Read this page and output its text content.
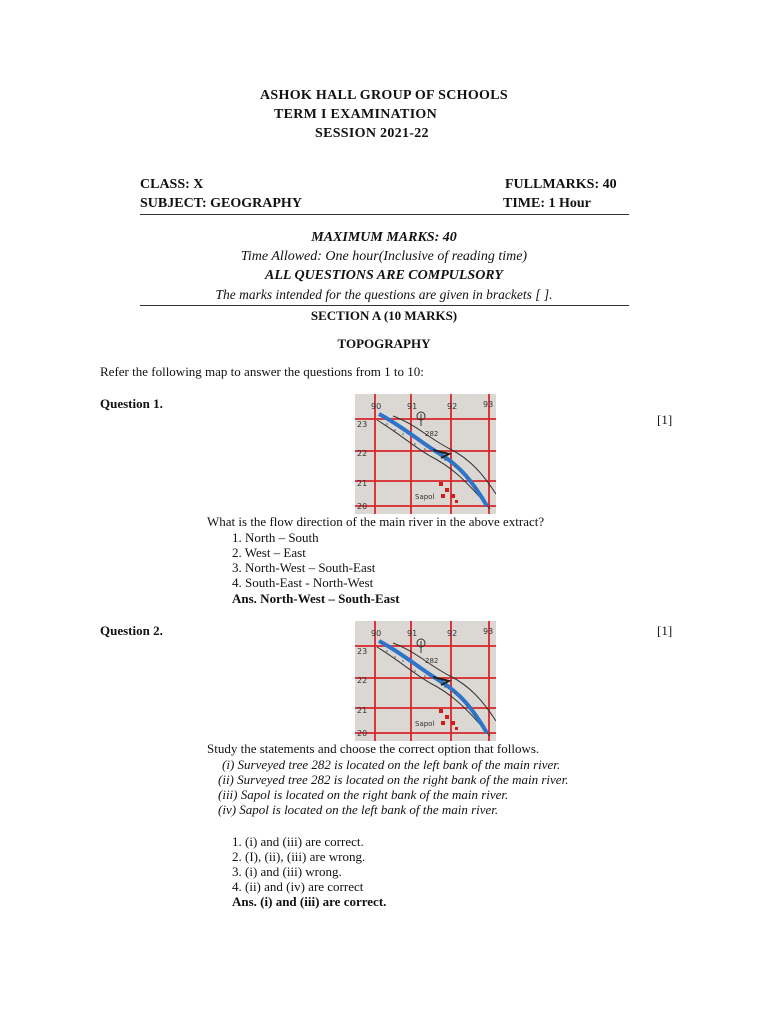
ASHOK HALL GROUP OF SCHOOLS
TERM I EXAMINATION
SESSION 2021-22
CLASS: X	FULLMARKS: 40
SUBJECT: GEOGRAPHY	TIME: 1 Hour
MAXIMUM MARKS: 40
Time Allowed: One hour(Inclusive of reading time)
ALL QUESTIONS ARE COMPULSORY
The marks intended for the questions are given in brackets [ ].
SECTION A (10 MARKS)
TOPOGRAPHY
Refer the following map to answer the questions from 1 to 10:
Question 1.
[1]
90	91	92	93
23
22
21
20
282
Sapol
What is the flow direction of the main river in the above extract?
1. North – South
2. West – East
3. North-West – South-East
4. South-East - North-West
Ans. North-West – South-East
Question 2.	[1]
90	91	92	93
23
22
21
20
282
Sapol
Study the statements and choose the correct option that follows.
(i) Surveyed tree 282 is located on the left bank of the main river.
(ii) Surveyed tree 282 is located on the right bank of the main river.
(iii) Sapol is located on the right bank of the main river.
(iv) Sapol is located on the left bank of the main river.
1. (i) and (iii) are correct.
2. (I), (ii), (iii) are wrong.
3. (i) and (iii) wrong.
4. (ii) and (iv) are correct
Ans. (i) and (iii) are correct.
